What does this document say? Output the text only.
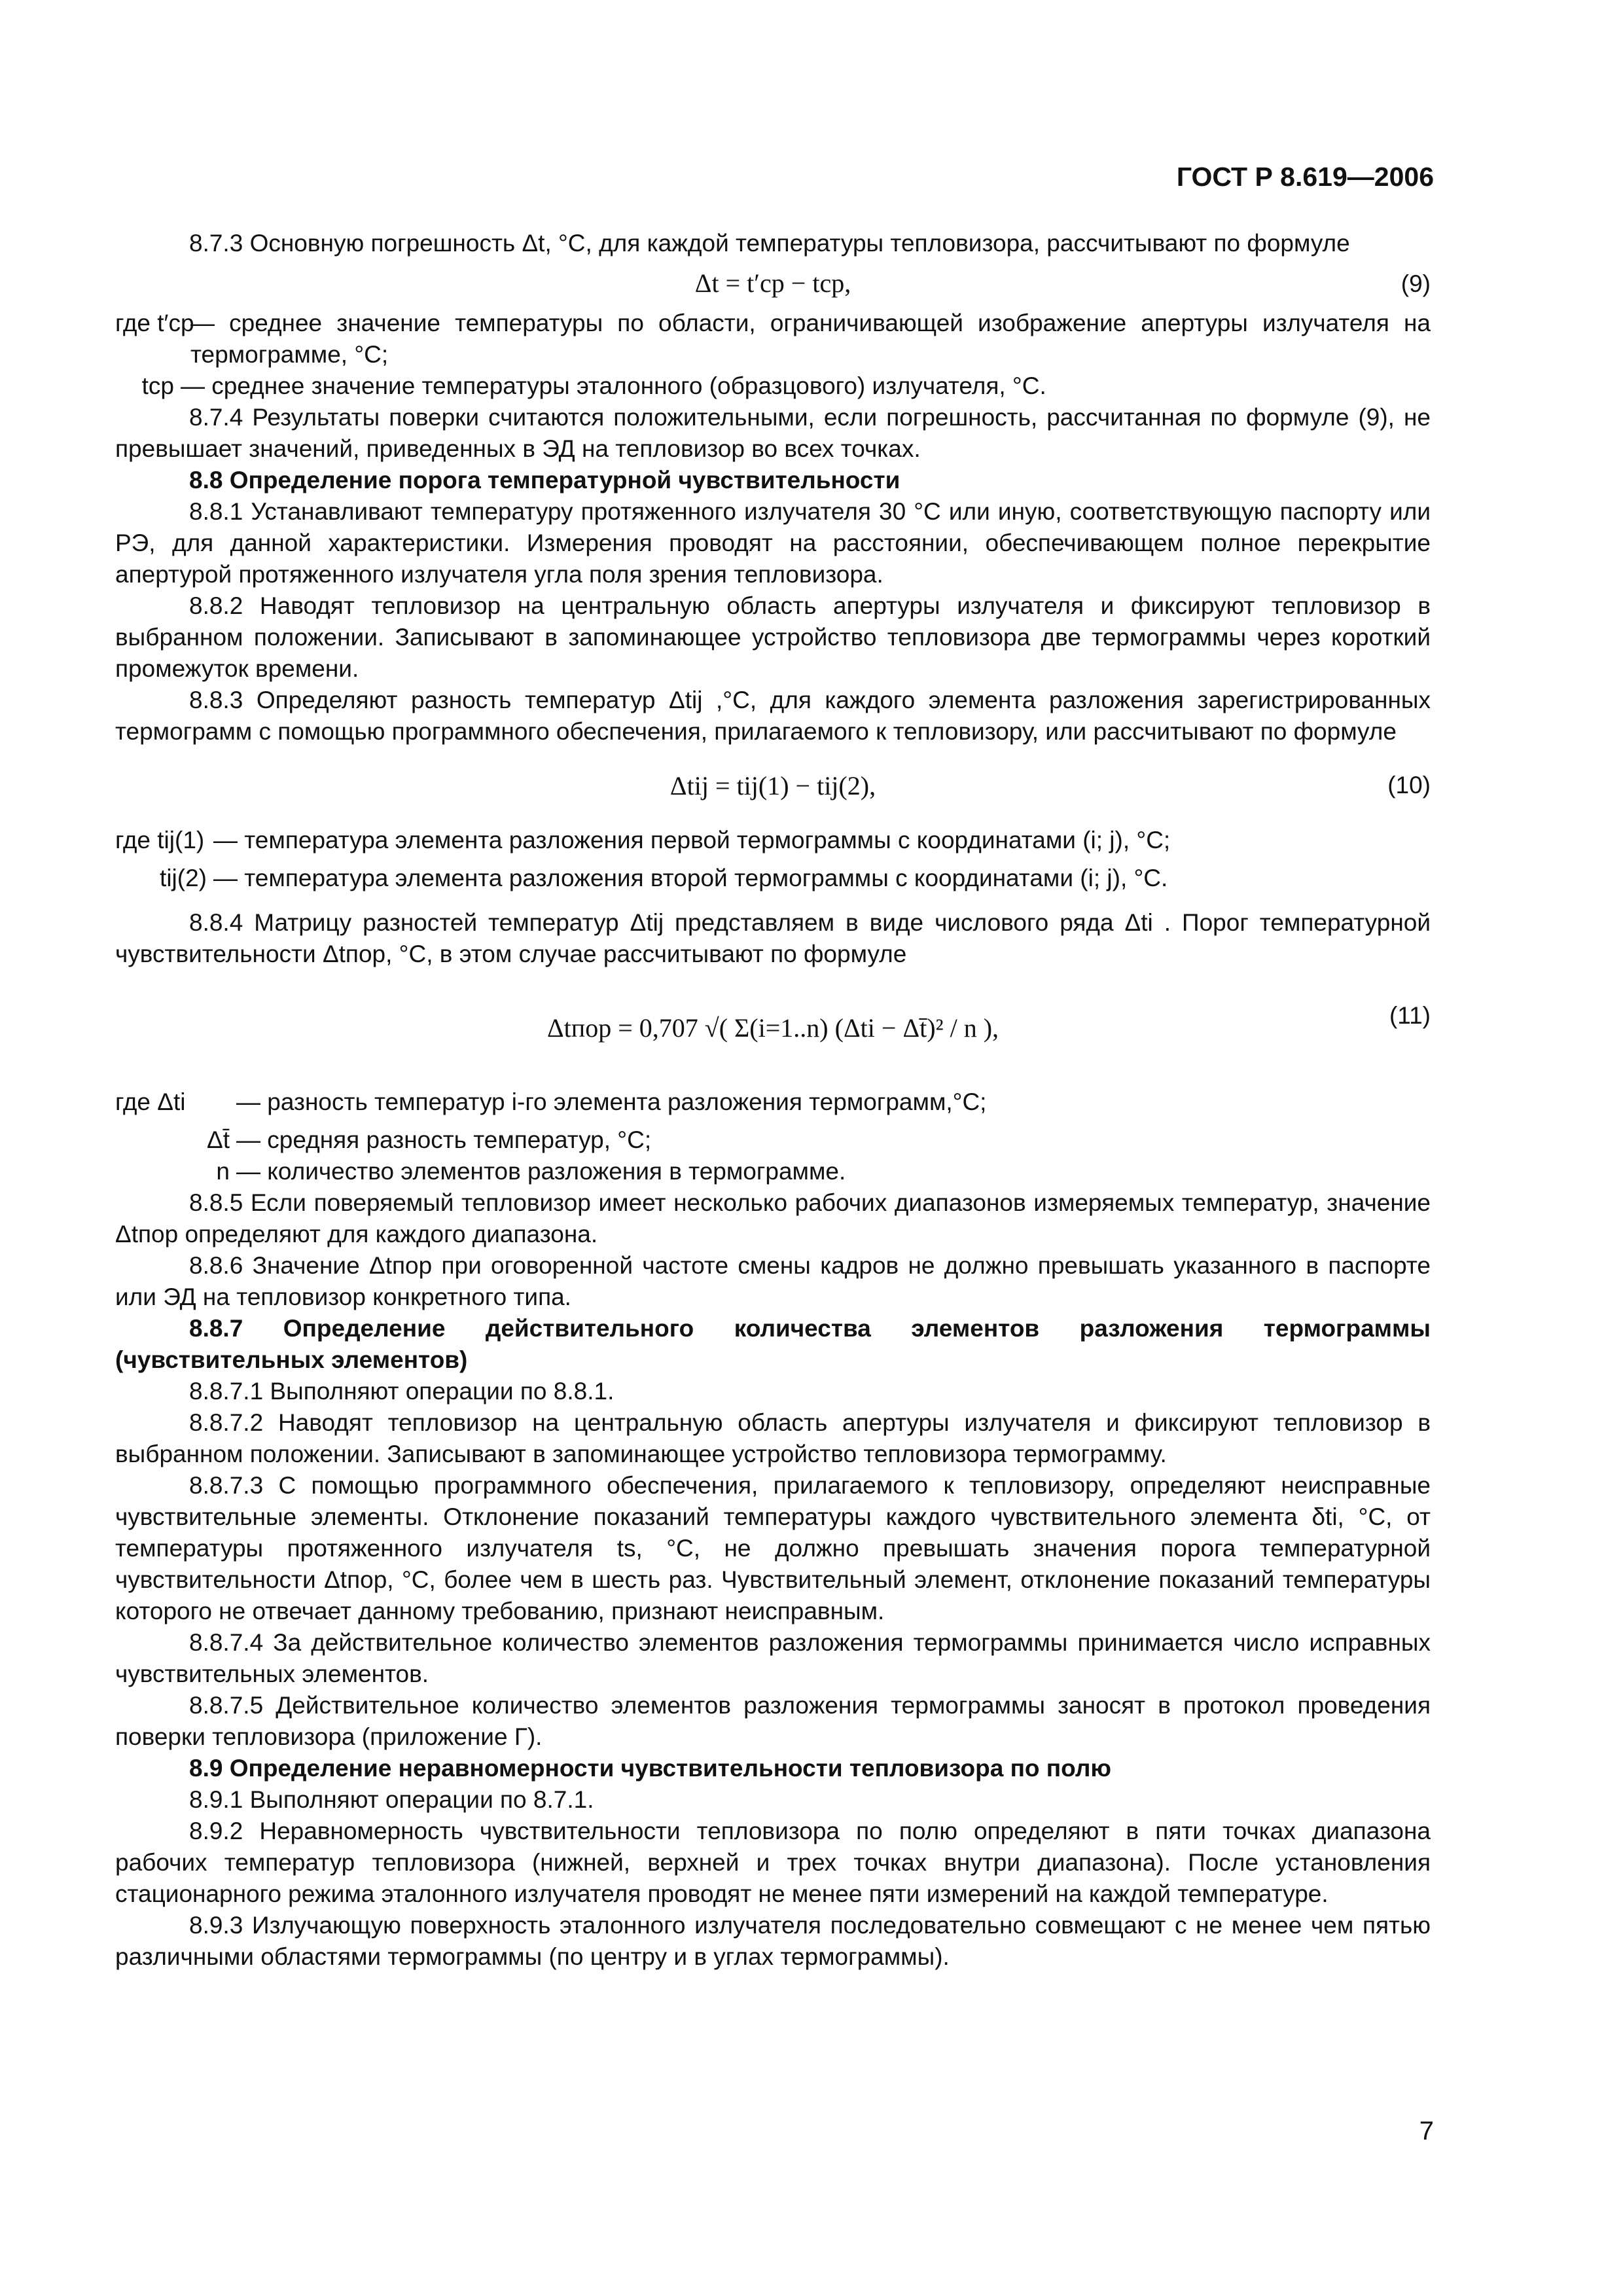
ГОСТ Р 8.619—2006

8.7.3 Основную погрешность Δt, °С, для каждой температуры тепловизора, рассчитывают по формуле

Δt = t′ср − tср,	(9)
где t′ср
— среднее значение температуры по области, ограничивающей изображение апертуры излучателя на термограмме, °С;
tср — среднее значение температуры эталонного (образцового) излучателя, °С.

8.7.4 Результаты поверки считаются положительными, если погрешность, рассчитанная по формуле (9), не превышает значений, приведенных в ЭД на тепловизор во всех точках.

8.8 Определение порога температурной чувствительности

8.8.1 Устанавливают температуру протяженного излучателя 30 °С или иную, соответствующую паспорту или РЭ, для данной характеристики. Измерения проводят на расстоянии, обеспечивающем полное перекрытие апертурой протяженного излучателя угла поля зрения тепловизора.

8.8.2 Наводят тепловизор на центральную область апертуры излучателя и фиксируют тепловизор в выбранном положении. Записывают в запоминающее устройство тепловизора две термограммы через короткий промежуток времени.

8.8.3 Определяют разность температур Δtij ,°С, для каждого элемента разложения зарегистрированных термограмм с помощью программного обеспечения, прилагаемого к тепловизору, или рассчитывают по формуле

Δtij = tij(1) − tij(2),	(10)
где tij(1) — температура элемента разложения первой термограммы с координатами (i; j), °С;
tij(2) — температура элемента разложения второй термограммы с координатами (i; j), °С.

8.8.4 Матрицу разностей температур Δtij представляем в виде числового ряда Δti . Порог температурной чувствительности Δtпор, °С, в этом случае рассчитывают по формуле

Δtпор = 0,707 √( Σ(i=1..n) (Δti − Δt̄)² / n ),	(11)
где Δti	— разность температур i-го элемента разложения термограмм,°С;
Δt̄ — средняя разность температур, °С;
n — количество элементов разложения в термограмме.

8.8.5 Если поверяемый тепловизор имеет несколько рабочих диапазонов измеряемых температур, значение Δtпор определяют для каждого диапазона.

8.8.6 Значение Δtпор при оговоренной частоте смены кадров не должно превышать указанного в паспорте или ЭД на тепловизор конкретного типа.

8.8.7 Определение действительного количества элементов разложения термограммы (чувствительных элементов)

8.8.7.1 Выполняют операции по 8.8.1.

8.8.7.2 Наводят тепловизор на центральную область апертуры излучателя и фиксируют тепловизор в выбранном положении. Записывают в запоминающее устройство тепловизора термограмму.

8.8.7.3 С помощью программного обеспечения, прилагаемого к тепловизору, определяют неисправные чувствительные элементы. Отклонение показаний температуры каждого чувствительного элемента δti, °С, от температуры протяженного излучателя ts, °С, не должно превышать значения порога температурной чувствительности Δtпор, °С, более чем в шесть раз. Чувствительный элемент, отклонение показаний температуры которого не отвечает данному требованию, признают неисправным.

8.8.7.4 За действительное количество элементов разложения термограммы принимается число исправных чувствительных элементов.

8.8.7.5 Действительное количество элементов разложения термограммы заносят в протокол проведения поверки тепловизора (приложение Г).

8.9 Определение неравномерности чувствительности тепловизора по полю

8.9.1 Выполняют операции по 8.7.1.

8.9.2 Неравномерность чувствительности тепловизора по полю определяют в пяти точках диапазона рабочих температур тепловизора (нижней, верхней и трех точках внутри диапазона). После установления стационарного режима эталонного излучателя проводят не менее пяти измерений на каждой температуре.

8.9.3 Излучающую поверхность эталонного излучателя последовательно совмещают с не менее чем пятью различными областями термограммы (по центру и в углах термограммы).

7
